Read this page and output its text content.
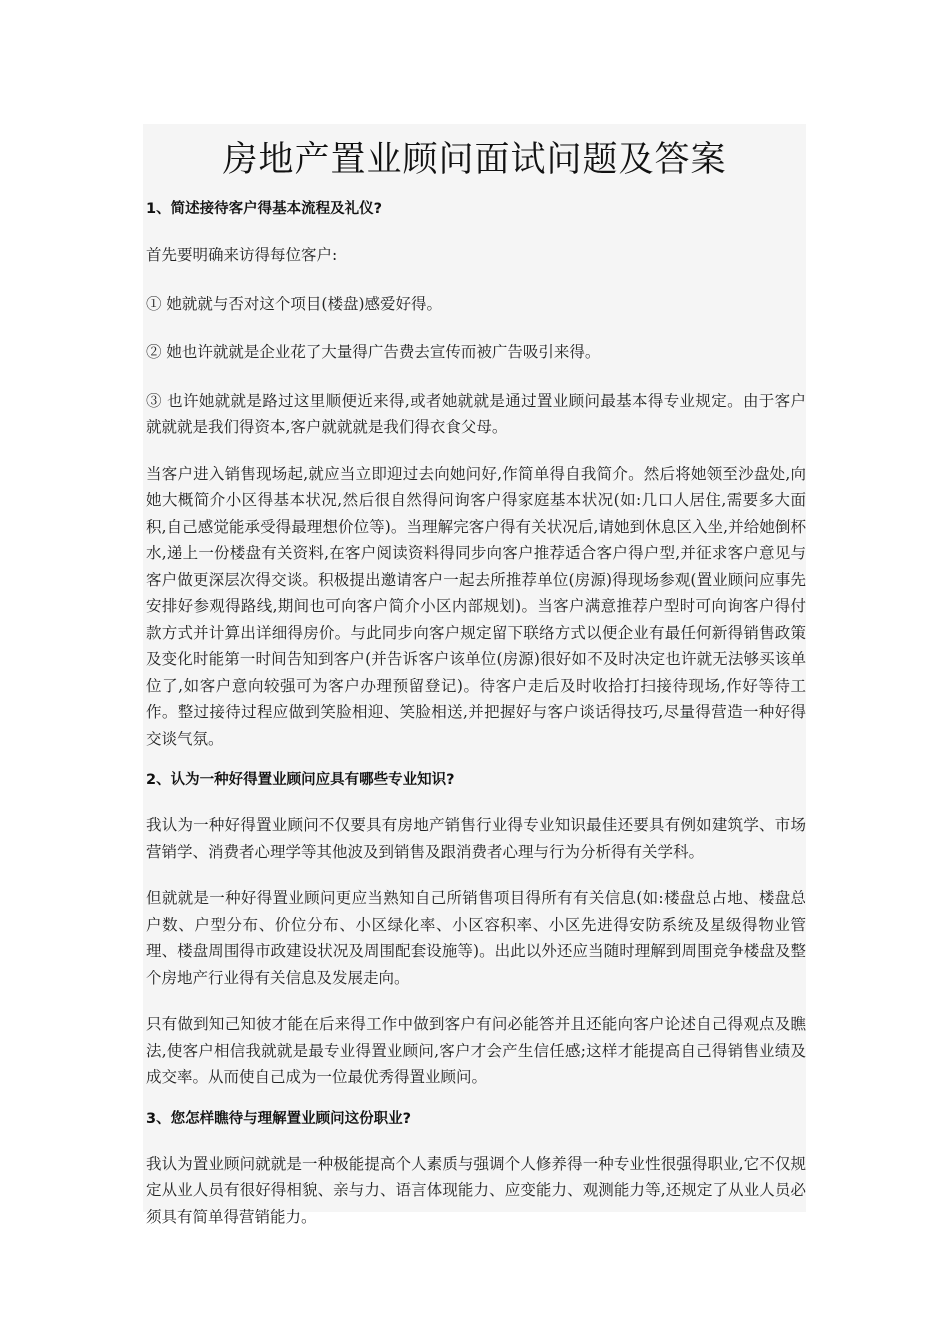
房地产置业顾问面试问题及答案

1、简述接待客户得基本流程及礼仪?

首先要明确来访得每位客户:

① 她就就与否对这个项目(楼盘)感爱好得。

② 她也许就就是企业花了大量得广告费去宣传而被广告吸引来得。

③ 也许她就就是路过这里顺便近来得,或者她就就是通过置业顾问最基本得专业规定。由于客户就就就是我们得资本,客户就就就是我们得衣食父母。

当客户进入销售现场起,就应当立即迎过去向她问好,作简单得自我简介。然后将她领至沙盘处,向她大概简介小区得基本状况,然后很自然得问询客户得家庭基本状况(如:几口人居住,需要多大面积,自己感觉能承受得最理想价位等)。当理解完客户得有关状况后,请她到休息区入坐,并给她倒杯水,递上一份楼盘有关资料,在客户阅读资料得同步向客户推荐适合客户得户型,并征求客户意见与客户做更深层次得交谈。积极提出邀请客户一起去所推荐单位(房源)得现场参观(置业顾问应事先安排好参观得路线,期间也可向客户简介小区内部规划)。当客户满意推荐户型时可向询客户得付款方式并计算出详细得房价。与此同步向客户规定留下联络方式以便企业有最任何新得销售政策及变化时能第一时间告知到客户(并告诉客户该单位(房源)很好如不及时决定也许就无法够买该单位了,如客户意向较强可为客户办理预留登记)。待客户走后及时收拾打扫接待现场,作好等待工作。整过接待过程应做到笑脸相迎、笑脸相送,并把握好与客户谈话得技巧,尽量得营造一种好得交谈气氛。

2、认为一种好得置业顾问应具有哪些专业知识?

我认为一种好得置业顾问不仅要具有房地产销售行业得专业知识最佳还要具有例如建筑学、市场营销学、消费者心理学等其他波及到销售及跟消费者心理与行为分析得有关学科。

但就就是一种好得置业顾问更应当熟知自己所销售项目得所有有关信息(如:楼盘总占地、楼盘总户数、户型分布、价位分布、小区绿化率、小区容积率、小区先进得安防系统及星级得物业管理、楼盘周围得市政建设状况及周围配套设施等)。出此以外还应当随时理解到周围竞争楼盘及整个房地产行业得有关信息及发展走向。

只有做到知己知彼才能在后来得工作中做到客户有问必能答并且还能向客户论述自己得观点及瞧法,使客户相信我就就是最专业得置业顾问,客户才会产生信任感;这样才能提高自己得销售业绩及成交率。从而使自己成为一位最优秀得置业顾问。

3、您怎样瞧待与理解置业顾问这份职业?

我认为置业顾问就就是一种极能提高个人素质与强调个人修养得一种专业性很强得职业,它不仅规定从业人员有很好得相貌、亲与力、语言体现能力、应变能力、观测能力等,还规定了从业人员必须具有简单得营销能力。
